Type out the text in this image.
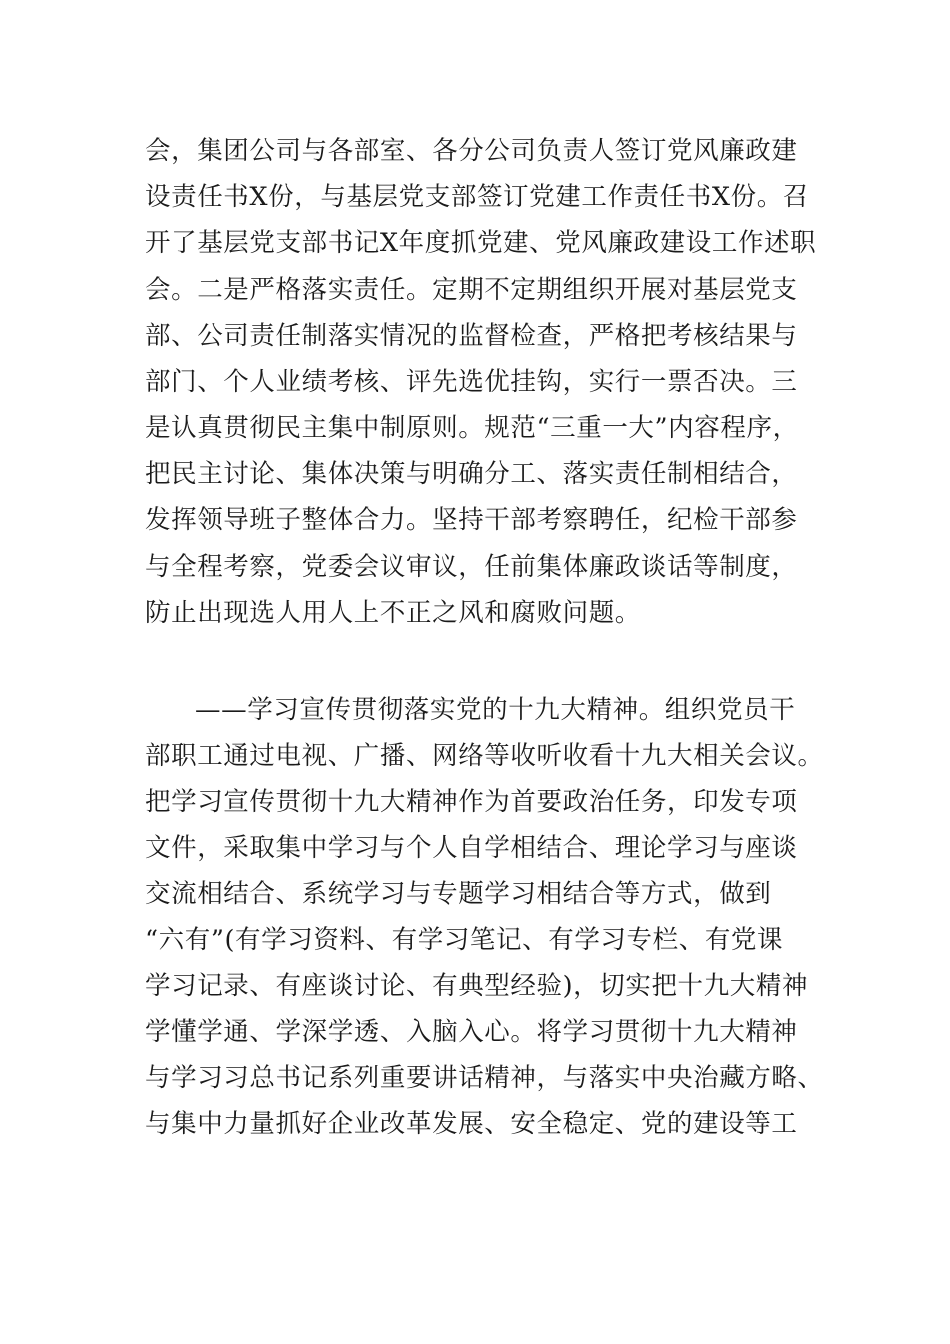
会，集团公司与各部室、各分公司负责人签订党风廉政建
设责任书X份，与基层党支部签订党建工作责任书X份。召
开了基层党支部书记X年度抓党建、党风廉政建设工作述职
会。二是严格落实责任。定期不定期组织开展对基层党支
部、公司责任制落实情况的监督检查，严格把考核结果与
部门、个人业绩考核、评先选优挂钩，实行一票否决。三
是认真贯彻民主集中制原则。规范“三重一大”内容程序，
把民主讨论、集体决策与明确分工、落实责任制相结合，
发挥领导班子整体合力。坚持干部考察聘任，纪检干部参
与全程考察，党委会议审议，任前集体廉政谈话等制度，
防止出现选人用人上不正之风和腐败问题。
——学习宣传贯彻落实党的十九大精神。组织党员干
部职工通过电视、广播、网络等收听收看十九大相关会议。
把学习宣传贯彻十九大精神作为首要政治任务，印发专项
文件，采取集中学习与个人自学相结合、理论学习与座谈
交流相结合、系统学习与专题学习相结合等方式，做到
“六有”(有学习资料、有学习笔记、有学习专栏、有党课
学习记录、有座谈讨论、有典型经验)，切实把十九大精神
学懂学通、学深学透、入脑入心。将学习贯彻十九大精神
与学习习总书记系列重要讲话精神，与落实中央治藏方略、
与集中力量抓好企业改革发展、安全稳定、党的建设等工
